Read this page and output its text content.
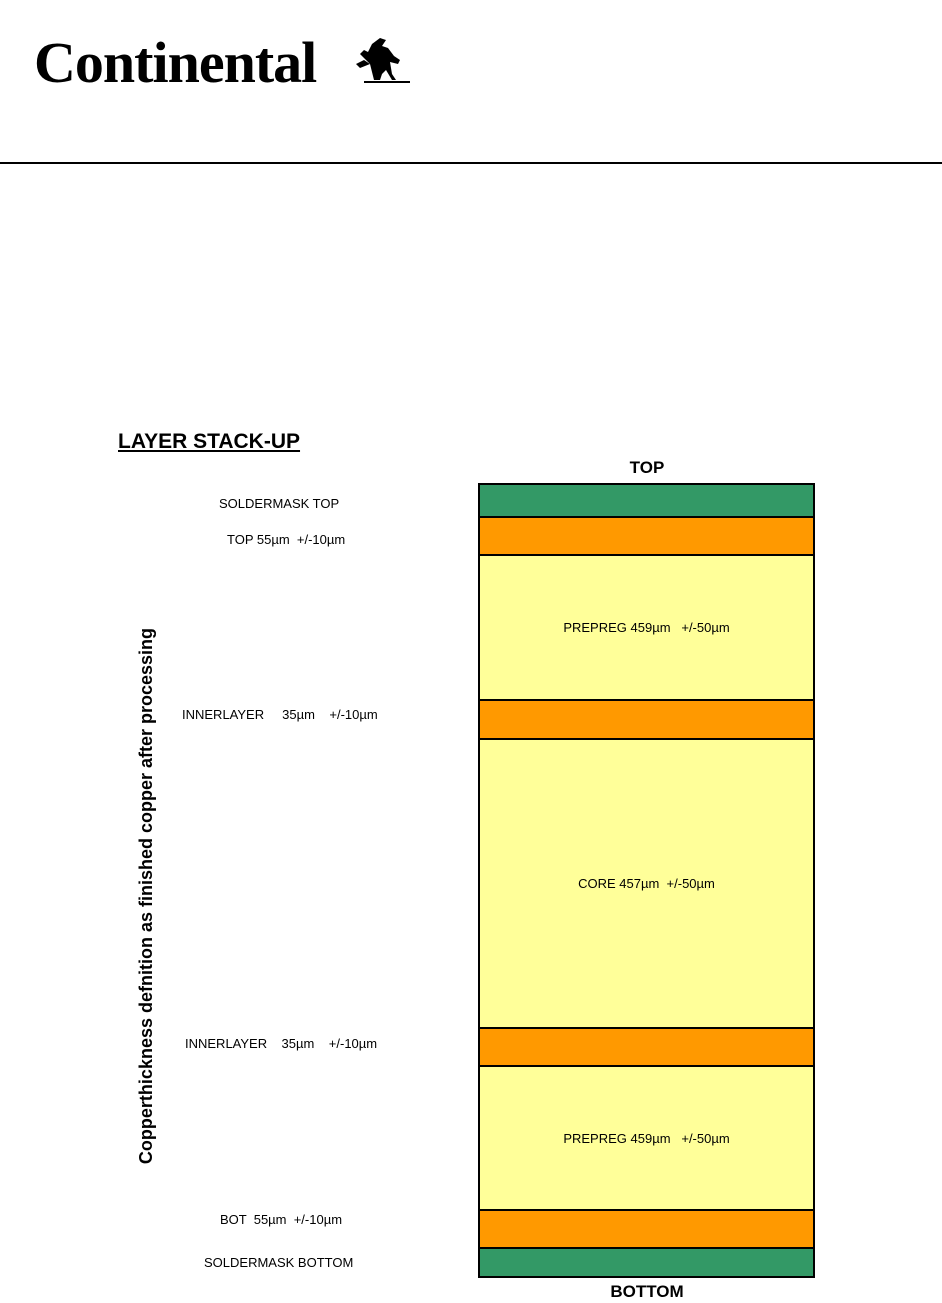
Continental
LAYER STACK-UP
Copperthickness defnition as finished copper after processing
TOP
PREPREG 459µm   +/-50µm
CORE 457µm  +/-50µm
PREPREG 459µm   +/-50µm
BOTTOM
SOLDERMASK TOP
TOP 55µm  +/-10µm
INNERLAYER     35µm    +/-10µm
INNERLAYER    35µm    +/-10µm
BOT  55µm  +/-10µm
SOLDERMASK BOTTOM
